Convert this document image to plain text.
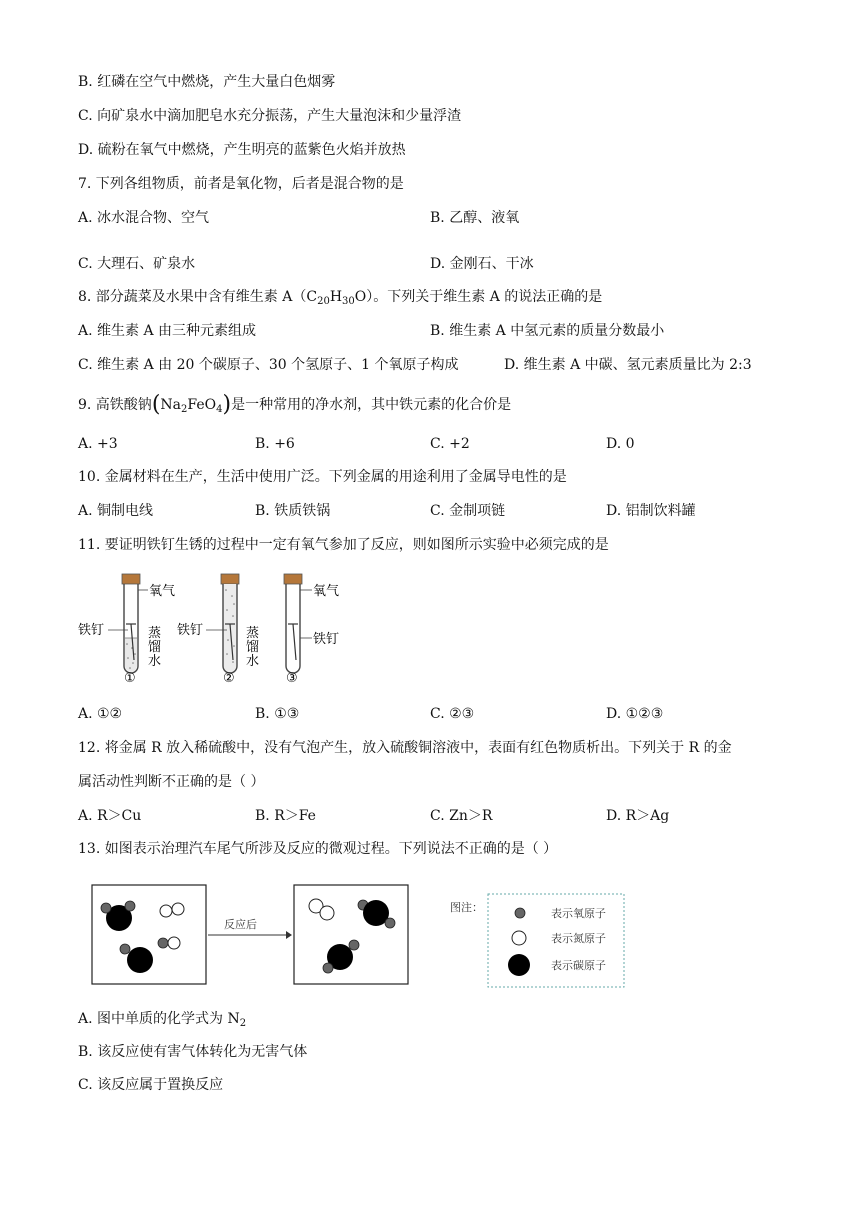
B. 红磷在空气中燃烧，产生大量白色烟雾
C. 向矿泉水中滴加肥皂水充分振荡，产生大量泡沫和少量浮渣
D. 硫粉在氧气中燃烧，产生明亮的蓝紫色火焰并放热
7. 下列各组物质，前者是氧化物，后者是混合物的是
A. 冰水混合物、空气	B. 乙醇、液氧
C. 大理石、矿泉水	D. 金刚石、干冰
8. 部分蔬菜及水果中含有维生素 $A(C_{20}H_{30}O)$。下列关于维生素 A 的说法正确的是
A. 维生素 A 由三种元素组成	B. 维生素 A 中氢元素的质量分数最小
C. 维生素 A 由 20 个碳原子、30 个氢原子、1 个氧原子构成	D. 维生素 A 中碳、氢元素质量比为 2:3
9. 高铁酸钠$(Na_2FeO_4)$是一种常用的净水剂，其中铁元素的化合价是
A. +3	B. +6	C. +2	D. 0
10. 金属材料在生产，生活中使用广泛。下列金属的用途利用了金属导电性的是
A. 铜制电线	B. 铁质铁锅	C. 金制项链	D. 铝制饮料罐
11. 要证明铁钉生锈的过程中一定有氧气参加了反应，则如图所示实验中必须完成的是
氧气
铁钉	蒸
馏
水
①
铁钉	蒸
馏
水
②
氧气
铁钉
③
A. ①②	B. ①③	C. ②③	D. ①②③
12. 将金属 R 放入稀硫酸中，没有气泡产生，放入硫酸铜溶液中，表面有红色物质析出。下列关于 R 的金
属活动性判断不正确的是（ ）
A. R＞Cu	B. R＞Fe	C. Zn＞R	D. R＞Ag
13. 如图表示治理汽车尾气所涉及反应的微观过程。下列说法不正确的是（ ）
反应后
图注：	表示氧原子
表示氮原子
表示碳原子
A. 图中单质的化学式为 $N_2$
B. 该反应使有害气体转化为无害气体
C. 该反应属于置换反应
